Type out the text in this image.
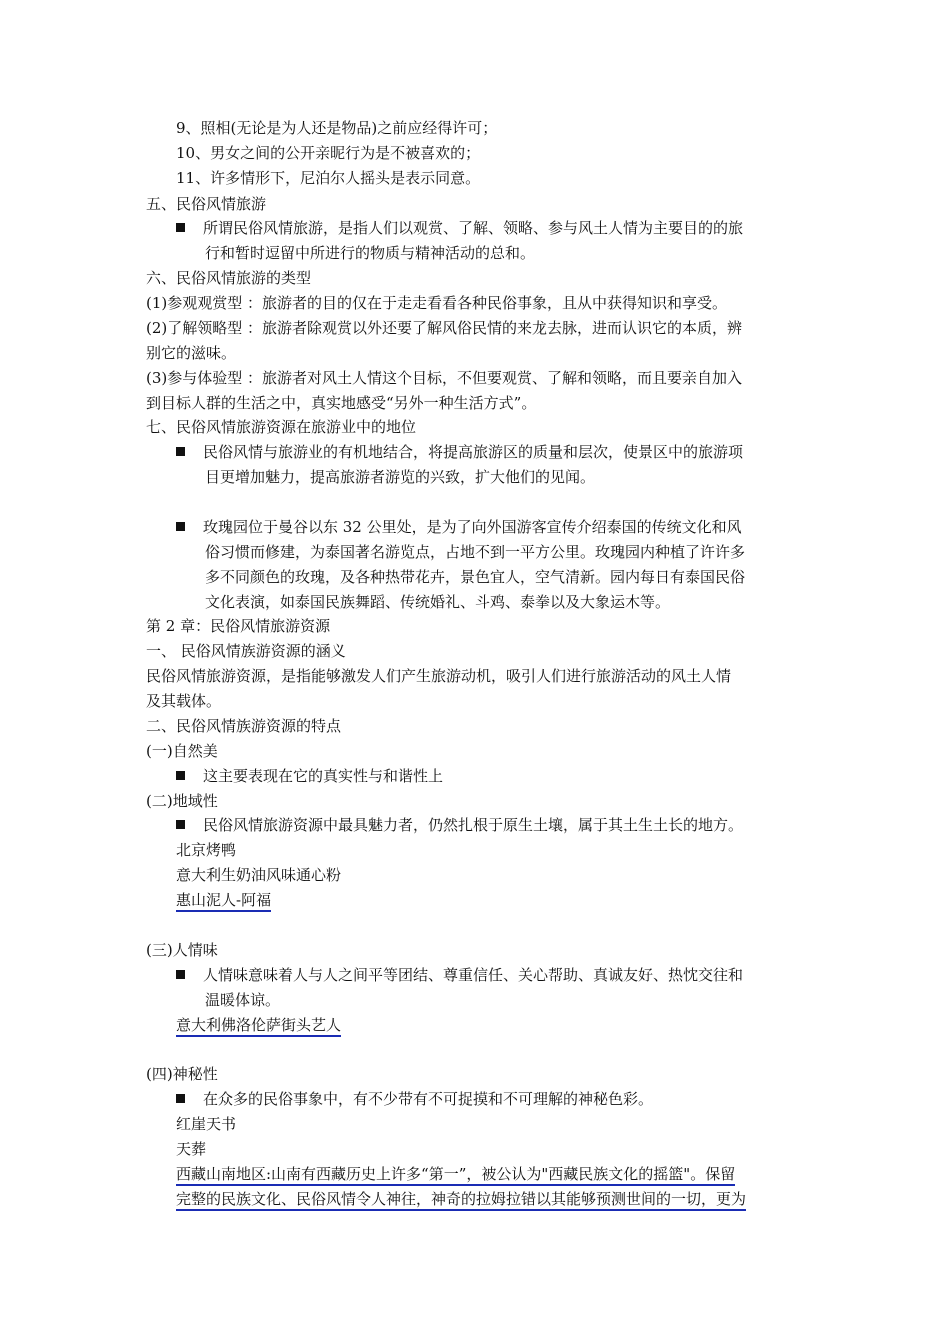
9、照相(无论是为人还是物品)之前应经得许可；
10、男女之间的公开亲昵行为是不被喜欢的；
11、许多情形下，尼泊尔人摇头是表示同意。
五、民俗风情旅游
所谓民俗风情旅游，是指人们以观赏、了解、领略、参与风土人情为主要目的的旅
行和暂时逗留中所进行的物质与精神活动的总和。
六、民俗风情旅游的类型
(1)参观观赏型 ：旅游者的目的仅在于走走看看各种民俗事象，且从中获得知识和享受。
(2)了解领略型 ：旅游者除观赏以外还要了解风俗民情的来龙去脉，进而认识它的本质，辨
别它的滋味。
(3)参与体验型 ：旅游者对风土人情这个目标，不但要观赏、了解和领略，而且要亲自加入
到目标人群的生活之中，真实地感受“另外一种生活方式”。
七、民俗风情旅游资源在旅游业中的地位
民俗风情与旅游业的有机地结合，将提高旅游区的质量和层次，使景区中的旅游项
目更增加魅力，提高旅游者游览的兴致，扩大他们的见闻。
玫瑰园位于曼谷以东 32 公里处，是为了向外国游客宣传介绍泰国的传统文化和风
俗习惯而修建，为泰国著名游览点，占地不到一平方公里。玫瑰园内种植了许许多
多不同颜色的玫瑰，及各种热带花卉，景色宜人，空气清新。园内每日有泰国民俗
文化表演，如泰国民族舞蹈、传统婚礼、斗鸡、泰拳以及大象运木等。
第 2 章：民俗风情旅游资源
一、 民俗风情族游资源的涵义
民俗风情旅游资源，是指能够激发人们产生旅游动机，吸引人们进行旅游活动的风土人情
及其载体。
二、民俗风情族游资源的特点
(一)自然美
这主要表现在它的真实性与和谐性上
(二)地域性
民俗风情旅游资源中最具魅力者，仍然扎根于原生土壤，属于其土生土长的地方。
北京烤鸭
意大利生奶油风味通心粉
惠山泥人-阿福
(三)人情味
人情味意味着人与人之间平等团结、尊重信任、关心帮助、真诚友好、热忱交往和
温暖体谅。
意大利佛洛伦萨街头艺人
(四)神秘性
在众多的民俗事象中，有不少带有不可捉摸和不可理解的神秘色彩。
红崖天书
天葬
西藏山南地区:山南有西藏历史上许多“第一”，被公认为"西藏民族文化的摇篮"。保留
完整的民族文化、民俗风情令人神往，神奇的拉姆拉错以其能够预测世间的一切，更为
